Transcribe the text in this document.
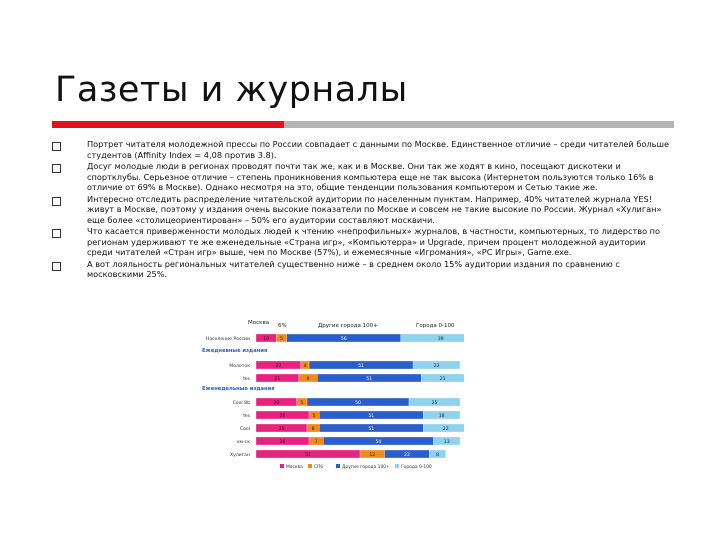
Газеты и журналы
Портрет читателя молодежной прессы по России совпадает с данными по Москве. Единственное отличие – среди читателей больше студентов (Affinity Index = 4,08 против 3.8).
Досуг молодые люди в регионах проводят почти так же, как и в Москве. Они так же ходят в кино, посещают дискотеки и спортклубы. Серьезное отличие – степень проникновения компьютера еще не так высока (Интернетом пользуются только 16% в отличие от 69% в Москве). Однако несмотря на это, общие тенденции пользования компьютером и Сетью такие же.
Интересно отследить распределение читательской аудитории по населенным пунктам. Например, 40% читателей журнала YES! живут в Москве, поэтому у издания очень высокие показатели по Москве и совсем не такие высокие по России. Журнал «Хулиган» еще более «столицеориентирован» – 50% его аудитории составляют москвичи.
Что касается приверженности молодых людей к чтению «непрофильных» журналов, в частности, компьютерных, то лидерство по регионам удерживают те же еженедельные «Страна игр», «Компьютерра» и Upgrade, причем процент молодежной аудитории среди читателей «Стран игр» выше, чем по Москве (57%), и ежемесячные «Игромания», «PC Игры», Game.exe.
А вот лояльность региональных читателей существенно ниже – в среднем около 15% аудитории издания по сравнению с московскими 25%.
Москва 6%	Другие города 100+	Города 0-100
Ежедневные издания
Еженедельные издания
Население России	10 5	56	39
Молоток	22	4	51	23
Yes	21	9	51	21
Cool 8b	20	5	50	25
Yes	26	5	51	18
Cool	25	6	51	22
хм-ск	26	7	54	13
Хулиган	51	12	22	8
Москва	СПб	Другие города 100+	Города 0-100
